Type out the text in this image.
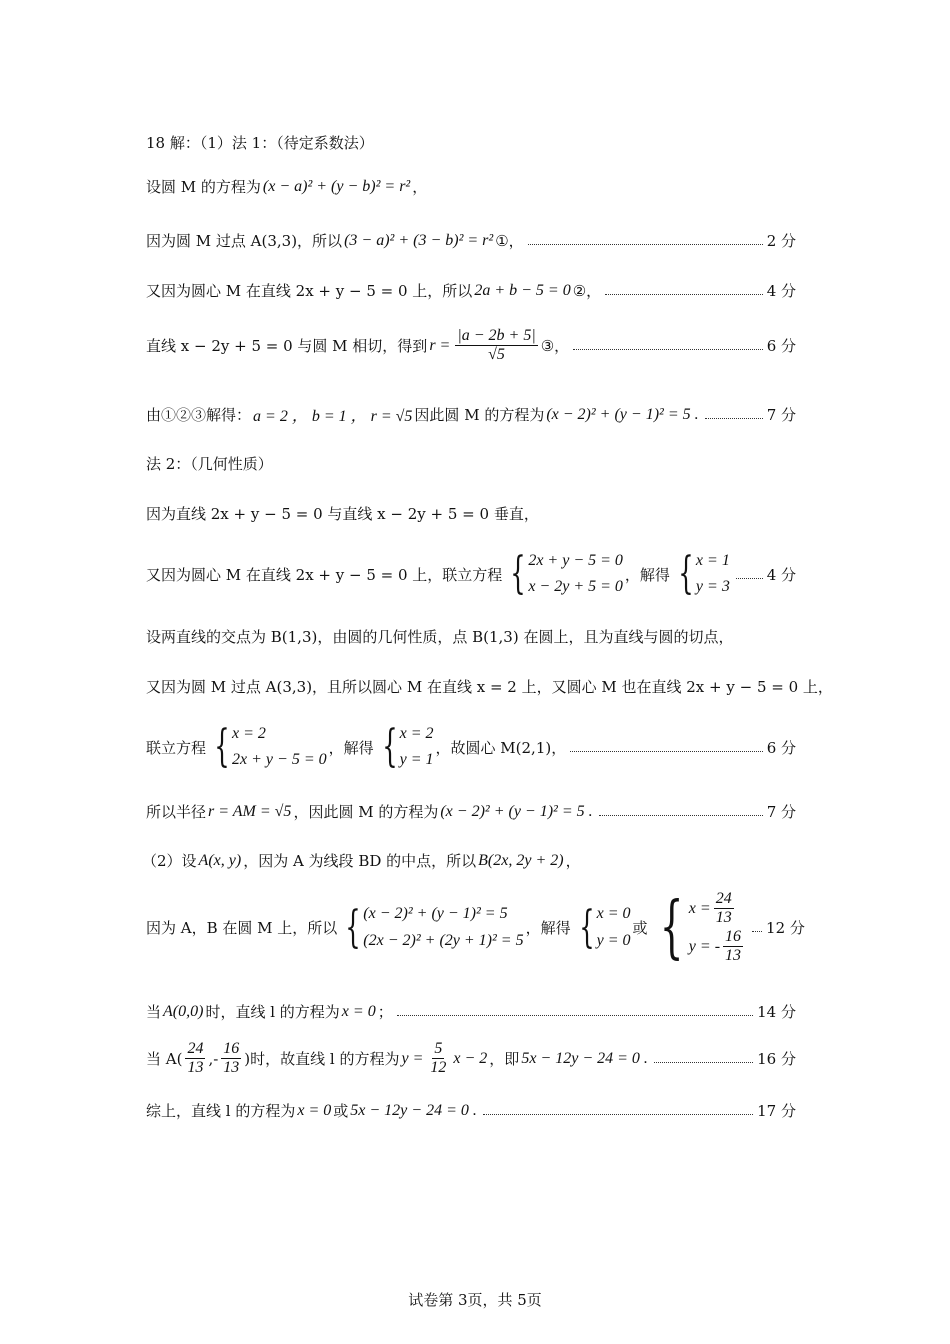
18 解：（1）法 1：（待定系数法）
设圆 M 的方程为 (x − a)² + (y − b)² = r² ，
因为圆 M 过点 A(3,3)，所以 (3 − a)² + (3 − b)² = r² ①，	2 分
又因为圆心 M 在直线 2x + y − 5 = 0 上，所以 2a + b − 5 = 0 ②，	4 分
直线 x − 2y + 5 = 0 与圆 M 相切，得到 $r = \frac{|a - 2b + 5|}{√5}$ ③，	6 分
由①②③解得： a = 2 ， b = 1 ， r = √5 因此圆 M 的方程为 (x − 2)² + (y − 1)² = 5 .	7 分
法 2：（几何性质）
因为直线 2x + y − 5 = 0 与直线 x − 2y + 5 = 0 垂直，
又因为圆心 M 在直线 2x + y − 5 = 0 上，联立方程 { 2x + y − 5 = 0
x − 2y + 5 = 0
，解得 { x = 1
y = 3
4 分
设两直线的交点为 B(1,3)，由圆的几何性质，点 B(1,3) 在圆上，且为直线与圆的切点，
又因为圆 M 过点 A(3,3)，且所以圆心 M 在直线 x = 2 上，又圆心 M 也在直线 2x + y − 5 = 0 上，
联立方程 { x = 2
2x + y − 5 = 0
，解得 { x = 2
y = 1
，故圆心 M(2,1)，	6 分
所以半径 r = AM = √5 ，因此圆 M 的方程为 (x − 2)² + (y − 1)² = 5 .	7 分
（2）设 A(x, y) ，因为 A 为线段 BD 的中点，所以 B(2x, 2y + 2) ，
因为 A，B 在圆 M 上，所以 { (x − 2)² + (y − 1)² = 5
(2x − 2)² + (2y + 1)² = 5
，解得 { x = 0
y = 0
或 { $x = \frac{24}{13}$
y = - $\frac{16}{13} 12$ 分
当 A(0,0) 时，直线 l 的方程为 x = 0 ；	14 分
当 $A( \frac{24}{13}$ ,- $\frac{16}{13}$ )时，故直线 l 的方程为 $y = \frac{5}{12}$ x − 2 ，即 5x − 12y − 24 = 0 .	16 分
综上，直线 l 的方程为 x = 0 或 5x − 12y − 24 = 0 .	17 分
试卷第 3页，共 5页
